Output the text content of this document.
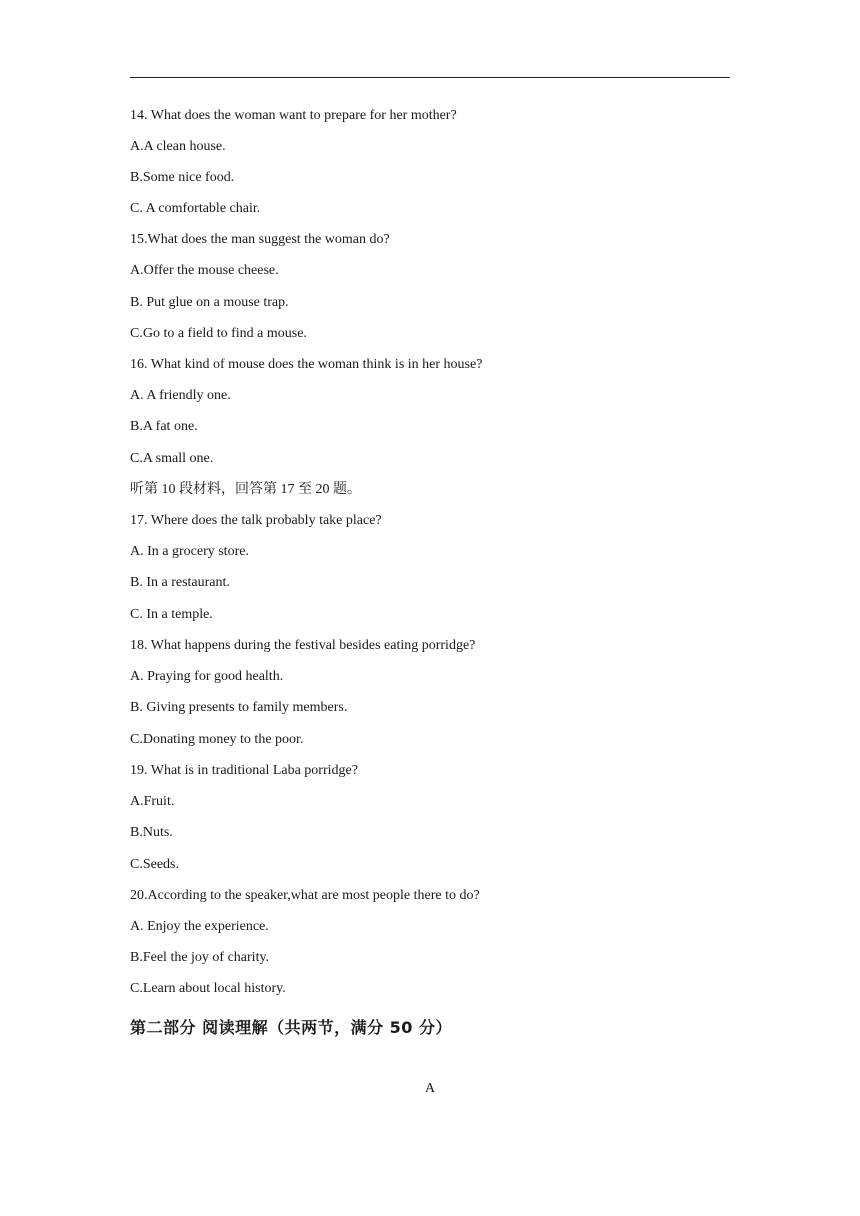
14. What does the woman want to prepare for her mother?
A.A clean house.
B.Some nice food.
C. A comfortable chair.
15.What does the man suggest the woman do?
A.Offer the mouse cheese.
B. Put glue on a mouse trap.
C.Go to a field to find a mouse.
16. What kind of mouse does the woman think is in her house?
A. A friendly one.
B.A fat one.
C.A small one.
听第 10 段材料，回答第 17 至 20 题。
17. Where does the talk probably take place?
A. In a grocery store.
B. In a restaurant.
C. In a temple.
18. What happens during the festival besides eating porridge?
A. Praying for good health.
B. Giving presents to family members.
C.Donating money to the poor.
19. What is in traditional Laba porridge?
A.Fruit.
B.Nuts.
C.Seeds.
20.According to the speaker,what are most people there to do?
A. Enjoy the experience.
B.Feel the joy of charity.
C.Learn about local history.
第二部分 阅读理解（共两节，满分 50 分）
A
